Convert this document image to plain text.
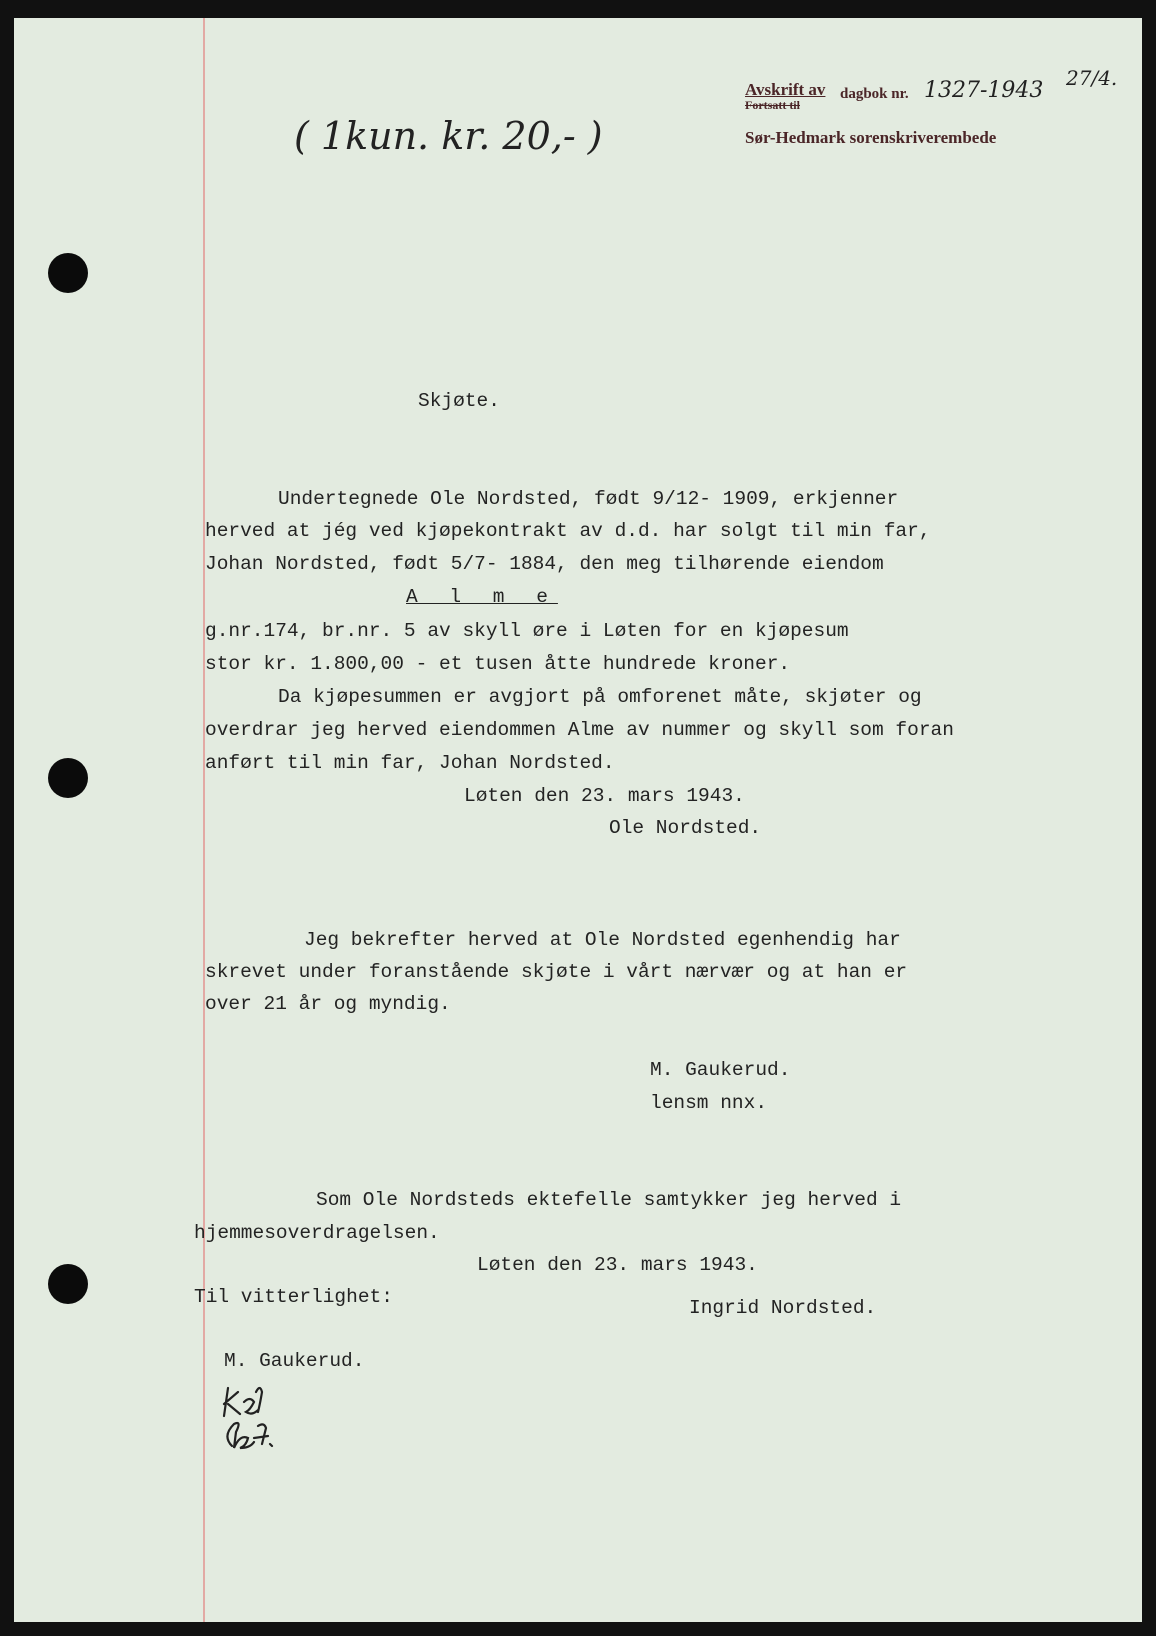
Avskrift av
Fortsatt til
dagbok nr. 1327-1943 27/4.
Sør-Hedmark sorenskriverembede
( 1kun. kr. 20,- )
Skjøte.
Undertegnede Ole Nordsted, født 9/12- 1909, erkjenner
herved at jég ved kjøpekontrakt av d.d. har solgt til min far,
Johan Nordsted, født 5/7- 1884, den meg tilhørende eiendom
A l m e
g.nr.174, br.nr. 5 av skyll øre i Løten for en kjøpesum
stor kr. 1.800,00 - et tusen åtte hundrede kroner.
Da kjøpesummen er avgjort på omforenet måte, skjøter og
overdrar jeg herved eiendommen Alme av nummer og skyll som foran
anført til min far, Johan Nordsted.
Løten den 23. mars 1943.
Ole Nordsted.
Jeg bekrefter herved at Ole Nordsted egenhendig har
skrevet under foranstående skjøte i vårt nærvær og at han er
over 21 år og myndig.
M. Gaukerud.
lensm nnx.
Som Ole Nordsteds ektefelle samtykker jeg herved i
hjemmesoverdragelsen.
Løten den 23. mars 1943.
Til vitterlighet:	Ingrid Nordsted.
M. Gaukerud.
